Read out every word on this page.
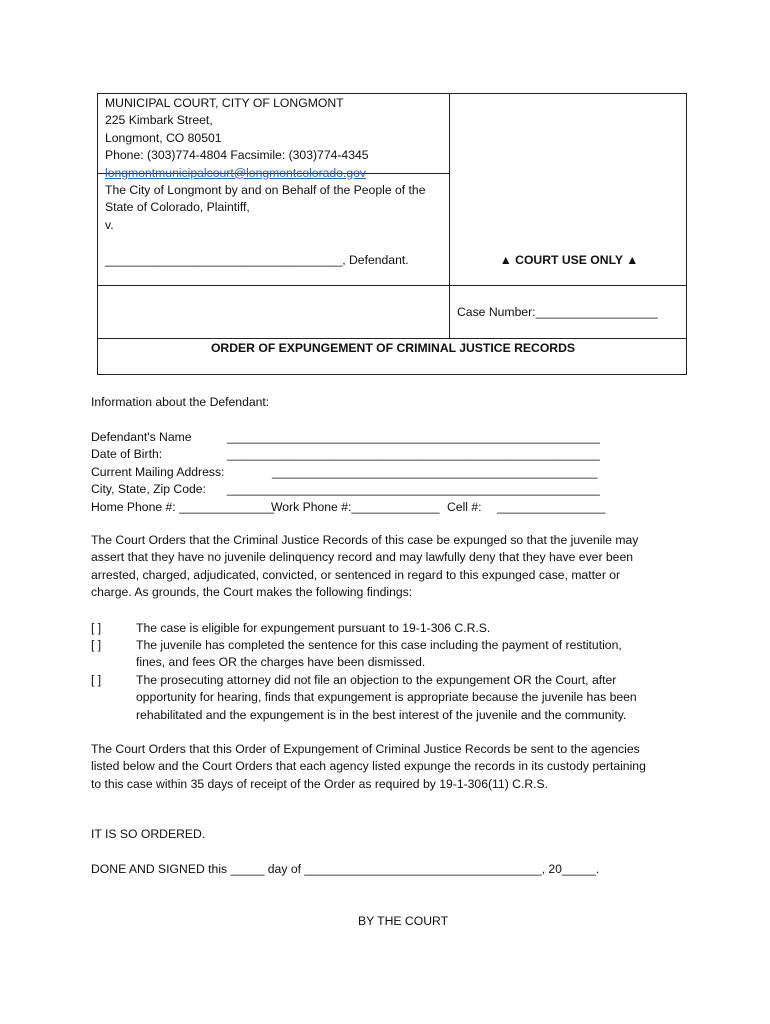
MUNICIPAL COURT, CITY OF LONGMONT
225 Kimbark Street,
Longmont, CO 80501
Phone: (303)774-4804 Facsimile: (303)774-4345
longmontmunicipalcourt@longmontcolorado.gov
The City of Longmont by and on Behalf of the People of the
State of Colorado, Plaintiff,
v.
___________________________________, Defendant.	▲ COURT USE ONLY ▲
Case Number:__________________
ORDER OF EXPUNGEMENT OF CRIMINAL JUSTICE RECORDS
Information about the Defendant:
Defendant's Name	_______________________________________________________
Date of Birth:	_______________________________________________________
Current Mailing Address:	________________________________________________
City, State, Zip Code: _______________________________________________________
Home Phone #: ______________
Work Phone #:_____________ Cell #: ________________
The Court Orders that the Criminal Justice Records of this case be expunged so that the juvenile may
assert that they have no juvenile delinquency record and may lawfully deny that they have ever been
arrested, charged, adjudicated, convicted, or sentenced in regard to this expunged case, matter or
charge. As grounds, the Court makes the following findings:
[ ]	The case is eligible for expungement pursuant to 19-1-306 C.R.S.
[ ]	The juvenile has completed the sentence for this case including the payment of restitution,
fines, and fees OR the charges have been dismissed.
[ ]	The prosecuting attorney did not file an objection to the expungement OR the Court, after
opportunity for hearing, finds that expungement is appropriate because the juvenile has been
rehabilitated and the expungement is in the best interest of the juvenile and the community.
The Court Orders that this Order of Expungement of Criminal Justice Records be sent to the agencies
listed below and the Court Orders that each agency listed expunge the records in its custody pertaining
to this case within 35 days of receipt of the Order as required by 19-1-306(11) C.R.S.
IT IS SO ORDERED.
DONE AND SIGNED this _____ day of ___________________________________, 20_____.
BY THE COURT
